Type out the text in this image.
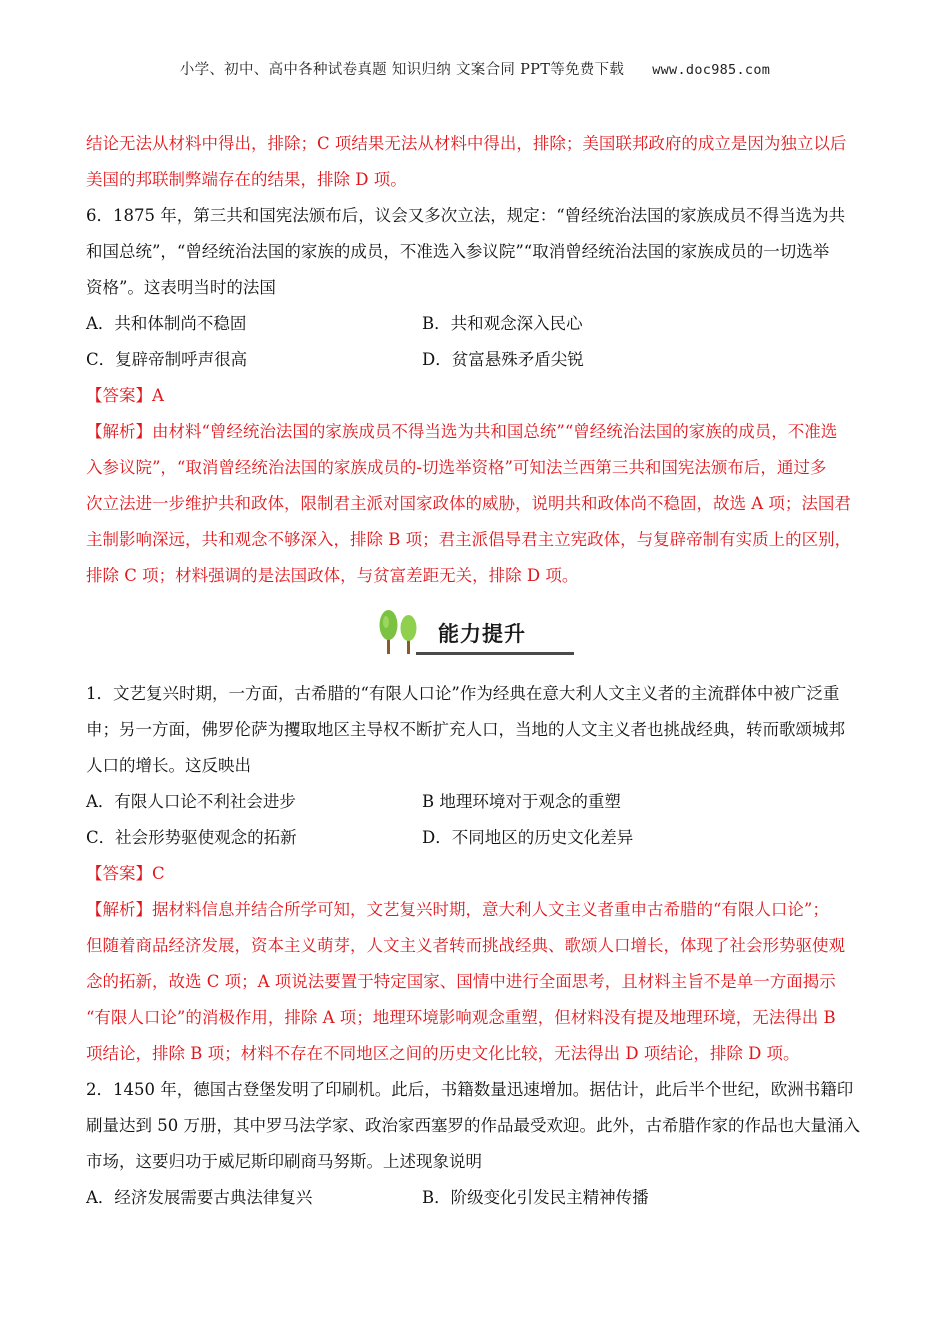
小学、初中、高中各种试卷真题 知识归纳 文案合同 PPT等免费下载 www.doc985.com

结论无法从材料中得出，排除；C 项结果无法从材料中得出，排除；美国联邦政府的成立是因为独立以后

美国的邦联制弊端存在的结果，排除 D 项。

6．1875 年，第三共和国宪法颁布后，议会又多次立法，规定：“曾经统治法国的家族成员不得当选为共

和国总统”，“曾经统治法国的家族的成员，不准选入参议院”“取消曾经统治法国的家族成员的一切选举

资格”。这表明当时的法国

A．共和体制尚不稳固	B．共和观念深入民心
C．复辟帝制呼声很高	D．贫富悬殊矛盾尖锐

【答案】A

【解析】由材料“曾经统治法国的家族成员不得当选为共和国总统”“曾经统治法国的家族的成员，不准选

入参议院”，“取消曾经统治法国的家族成员的-切选举资格”可知法兰西第三共和国宪法颁布后，通过多

次立法进一步维护共和政体，限制君主派对国家政体的威胁，说明共和政体尚不稳固，故选 A 项；法国君

主制影响深远，共和观念不够深入，排除 B 项；君主派倡导君主立宪政体，与复辟帝制有实质上的区别，

排除 C 项；材料强调的是法国政体，与贫富差距无关，排除 D 项。

能力提升

1．文艺复兴时期，一方面，古希腊的“有限人口论”作为经典在意大利人文主义者的主流群体中被广泛重

申；另一方面，佛罗伦萨为攫取地区主导权不断扩充人口，当地的人文主义者也挑战经典，转而歌颂城邦

人口的增长。这反映出

A．有限人口论不利社会进步	B 地理环境对于观念的重塑
C．社会形势驱使观念的拓新	D．不同地区的历史文化差异

【答案】C

【解析】据材料信息并结合所学可知，文艺复兴时期，意大利人文主义者重申古希腊的“有限人口论”；

但随着商品经济发展，资本主义萌芽，人文主义者转而挑战经典、歌颂人口增长，体现了社会形势驱使观

念的拓新，故选 C 项；A 项说法要置于特定国家、国情中进行全面思考，且材料主旨不是单一方面揭示

“有限人口论”的消极作用，排除 A 项；地理环境影响观念重塑，但材料没有提及地理环境，无法得出 B

项结论，排除 B 项；材料不存在不同地区之间的历史文化比较，无法得出 D 项结论，排除 D 项。

2．1450 年，德国古登堡发明了印刷机。此后，书籍数量迅速增加。据估计，此后半个世纪，欧洲书籍印

刷量达到 50 万册，其中罗马法学家、政治家西塞罗的作品最受欢迎。此外，古希腊作家的作品也大量涌入

市场，这要归功于威尼斯印刷商马努斯。上述现象说明

A．经济发展需要古典法律复兴	B．阶级变化引发民主精神传播
